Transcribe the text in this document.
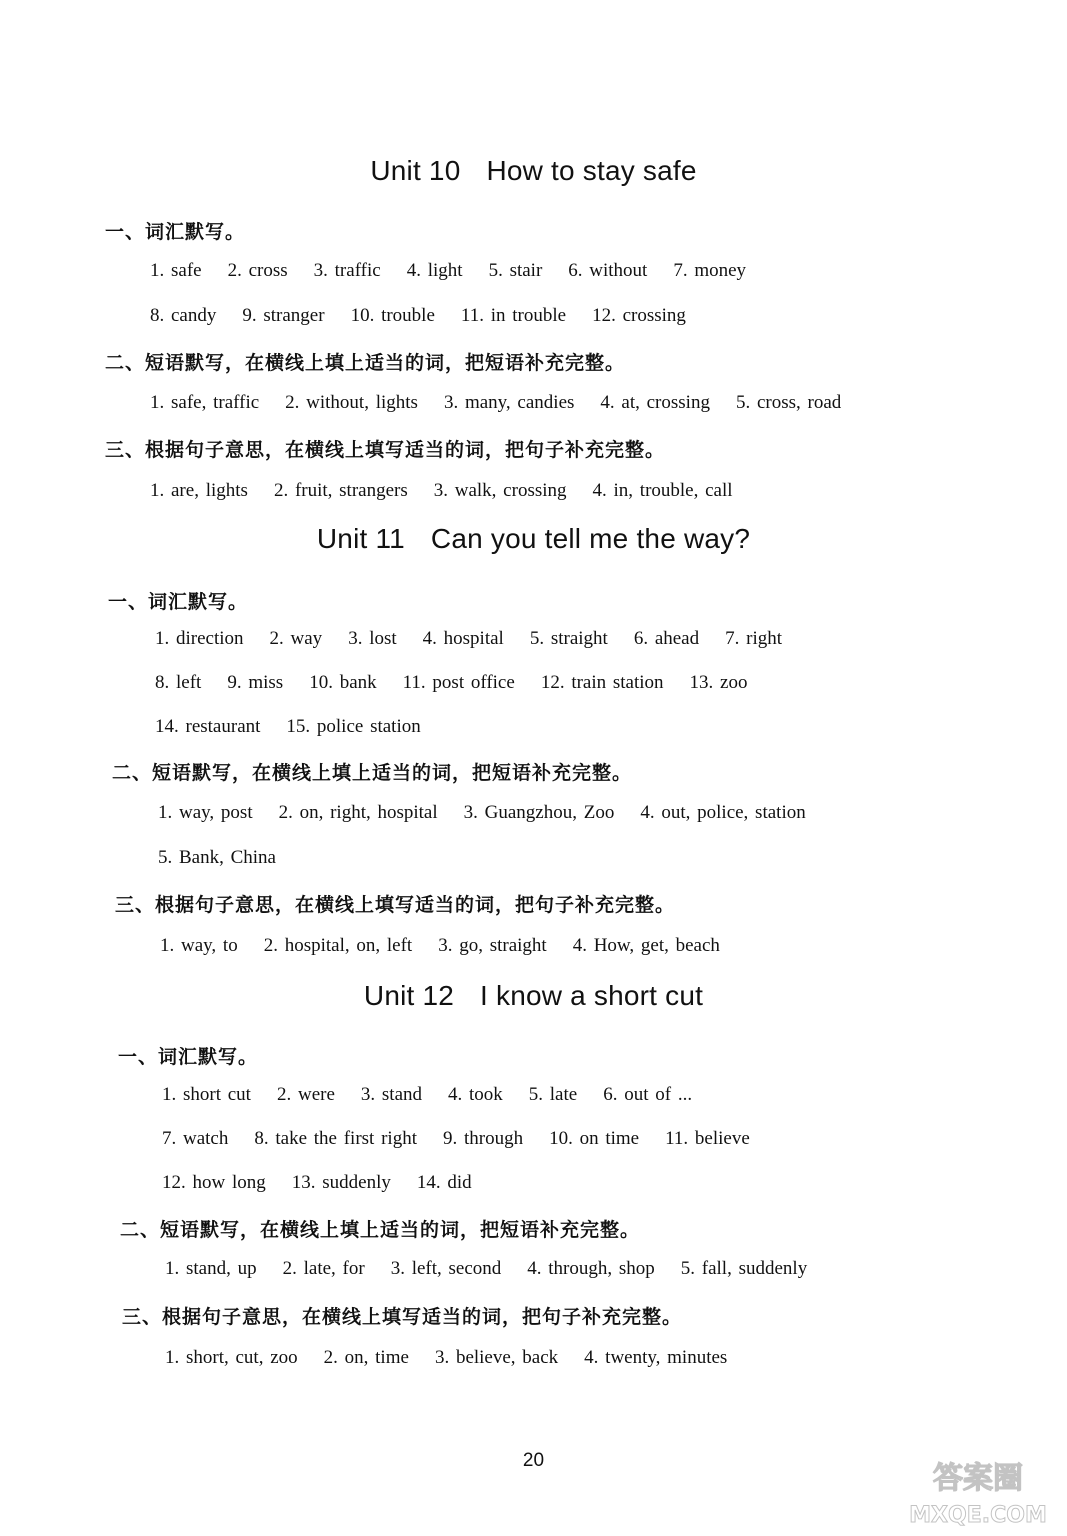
Unit 10 How to stay safe
一、词汇默写。
1. safe 2. cross 3. traffic 4. light 5. stair 6. without 7. money
8. candy 9. stranger 10. trouble 11. in trouble 12. crossing
二、短语默写，在横线上填上适当的词，把短语补充完整。
1. safe, traffic 2. without, lights 3. many, candies 4. at, crossing 5. cross, road
三、根据句子意思，在横线上填写适当的词，把句子补充完整。
1. are, lights 2. fruit, strangers 3. walk, crossing 4. in, trouble, call
Unit 11 Can you tell me the way?
一、词汇默写。
1. direction 2. way 3. lost 4. hospital 5. straight 6. ahead 7. right
8. left 9. miss 10. bank 11. post office 12. train station 13. zoo
14. restaurant 15. police station
二、短语默写，在横线上填上适当的词，把短语补充完整。
1. way, post 2. on, right, hospital 3. Guangzhou, Zoo 4. out, police, station
5. Bank, China
三、根据句子意思，在横线上填写适当的词，把句子补充完整。
1. way, to 2. hospital, on, left 3. go, straight 4. How, get, beach
Unit 12 I know a short cut
一、词汇默写。
1. short cut 2. were 3. stand 4. took 5. late 6. out of ...
7. watch 8. take the first right 9. through 10. on time 11. believe
12. how long 13. suddenly 14. did
二、短语默写，在横线上填上适当的词，把短语补充完整。
1. stand, up 2. late, for 3. left, second 4. through, shop 5. fall, suddenly
三、根据句子意思，在横线上填写适当的词，把句子补充完整。
1. short, cut, zoo 2. on, time 3. believe, back 4. twenty, minutes
20
答案圈
MXQE.COM
